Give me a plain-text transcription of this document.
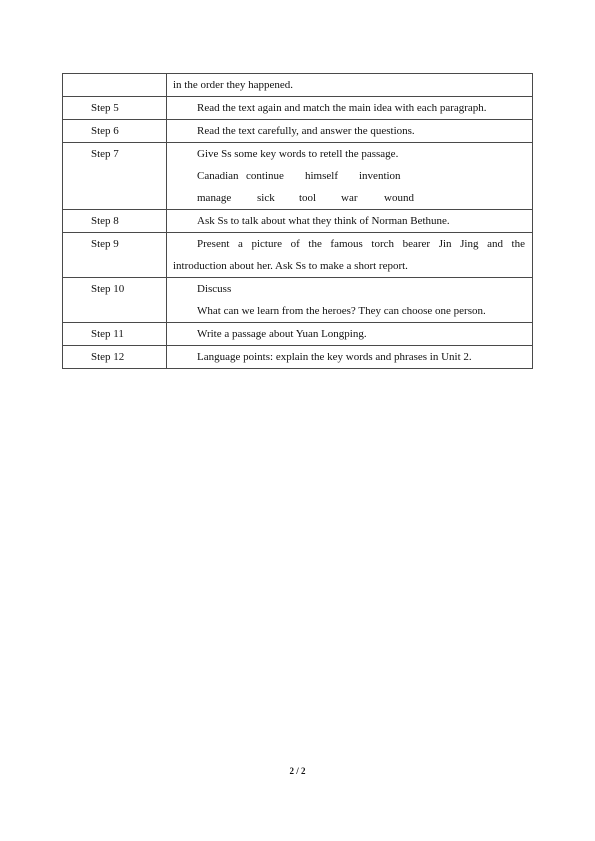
	in the order they happened.

Step 5	Read the text again and match the main idea with each paragraph.

Step 6	Read the text carefully, and answer the questions.

Step 7	Give Ss some key words to retell the passage.
Canadian continue himself invention
manage sick tool war wound

Step 8	Ask Ss to talk about what they think of Norman Bethune.

Step 9	Present a picture of the famous torch bearer Jin Jing and the
introduction about her. Ask Ss to make a short report.

Step 10	Discuss
What can we learn from the heroes? They can choose one person.

Step 11	Write a passage about Yuan Longping.

Step 12	Language points: explain the key words and phrases in Unit 2.
2 / 2
